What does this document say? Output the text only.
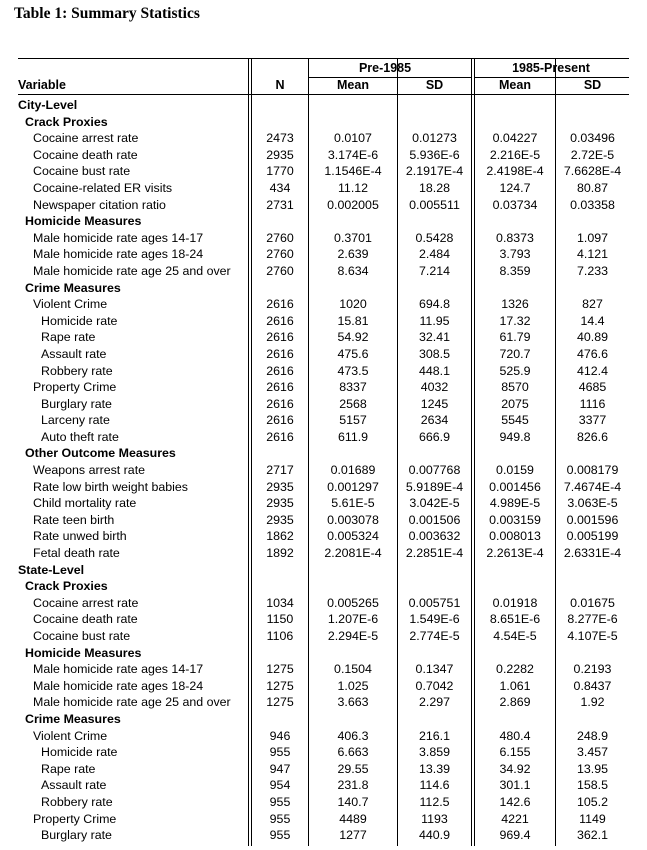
Table 1: Summary Statistics
Pre-1985	1985-Present
Variable	N	Mean	SD	Mean	SD
City-Level
Crack Proxies
Cocaine arrest rate	2473	0.0107	0.01273	0.04227	0.03496
Cocaine death rate	2935	3.174E-6	5.936E-6	2.216E-5	2.72E-5
Cocaine bust rate	1770	1.1546E-4	2.1917E-4	2.4198E-4	7.6628E-4
Cocaine-related ER visits	434	11.12	18.28	124.7	80.87
Newspaper citation ratio	2731	0.002005	0.005511	0.03734	0.03358
Homicide Measures
Male homicide rate ages 14-17	2760	0.3701	0.5428	0.8373	1.097
Male homicide rate ages 18-24	2760	2.639	2.484	3.793	4.121
Male homicide rate age 25 and over	2760	8.634	7.214	8.359	7.233
Crime Measures
Violent Crime	2616	1020	694.8	1326	827
Homicide rate	2616	15.81	11.95	17.32	14.4
Rape rate	2616	54.92	32.41	61.79	40.89
Assault rate	2616	475.6	308.5	720.7	476.6
Robbery rate	2616	473.5	448.1	525.9	412.4
Property Crime	2616	8337	4032	8570	4685
Burglary rate	2616	2568	1245	2075	1116
Larceny rate	2616	5157	2634	5545	3377
Auto theft rate	2616	611.9	666.9	949.8	826.6
Other Outcome Measures
Weapons arrest rate	2717	0.01689	0.007768	0.0159	0.008179
Rate low birth weight babies	2935	0.001297	5.9189E-4	0.001456	7.4674E-4
Child mortality rate	2935	5.61E-5	3.042E-5	4.989E-5	3.063E-5
Rate teen birth	2935	0.003078	0.001506	0.003159	0.001596
Rate unwed birth	1862	0.005324	0.003632	0.008013	0.005199
Fetal death rate	1892	2.2081E-4	2.2851E-4	2.2613E-4	2.6331E-4
State-Level
Crack Proxies
Cocaine arrest rate	1034	0.005265	0.005751	0.01918	0.01675
Cocaine death rate	1150	1.207E-6	1.549E-6	8.651E-6	8.277E-6
Cocaine bust rate	1106	2.294E-5	2.774E-5	4.54E-5	4.107E-5
Homicide Measures
Male homicide rate ages 14-17	1275	0.1504	0.1347	0.2282	0.2193
Male homicide rate ages 18-24	1275	1.025	0.7042	1.061	0.8437
Male homicide rate age 25 and over	1275	3.663	2.297	2.869	1.92
Crime Measures
Violent Crime	946	406.3	216.1	480.4	248.9
Homicide rate	955	6.663	3.859	6.155	3.457
Rape rate	947	29.55	13.39	34.92	13.95
Assault rate	954	231.8	114.6	301.1	158.5
Robbery rate	955	140.7	112.5	142.6	105.2
Property Crime	955	4489	1193	4221	1149
Burglary rate	955	1277	440.9	969.4	362.1
